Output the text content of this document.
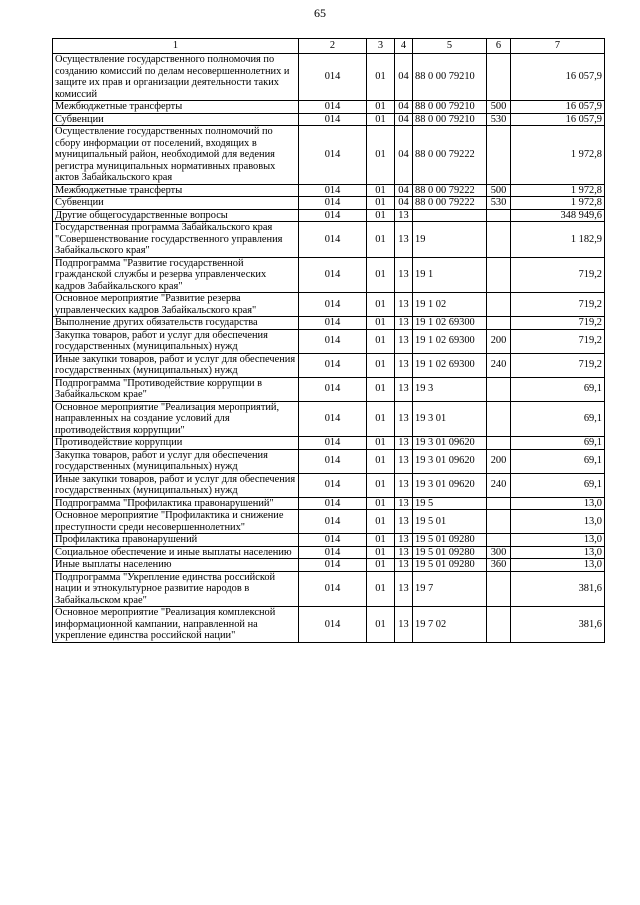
65
1	2	3	4	5	6	7
Осуществление государственного полномочия по созданию комиссий по делам несовершеннолетних и защите их прав и организации деятельности таких комиссий	014	01	04	88 0 00 79210		16 057,9
Межбюджетные трансферты	014	01	04	88 0 00 79210	500	16 057,9
Субвенции	014	01	04	88 0 00 79210	530	16 057,9
Осуществление государственных полномочий по сбору информации от поселений, входящих в муниципальный район, необходимой для ведения регистра муниципальных нормативных правовых актов Забайкальского края	014	01	04	88 0 00 79222		1 972,8
Межбюджетные трансферты	014	01	04	88 0 00 79222	500	1 972,8
Субвенции	014	01	04	88 0 00 79222	530	1 972,8
Другие общегосударственные вопросы	014	01	13			348 949,6
Государственная программа Забайкальского края "Совершенствование государственного управления Забайкальского края"	014	01	13	19		1 182,9
Подпрограмма "Развитие государственной гражданской службы и резерва управленческих кадров Забайкальского края"	014	01	13	19 1		719,2
Основное мероприятие "Развитие резерва управленческих кадров Забайкальского края"	014	01	13	19 1 02		719,2
Выполнение других обязательств государства	014	01	13	19 1 02 69300		719,2
Закупка товаров, работ и услуг для обеспечения государственных (муниципальных) нужд	014	01	13	19 1 02 69300	200	719,2
Иные закупки товаров, работ и услуг для обеспечения государственных (муниципальных) нужд	014	01	13	19 1 02 69300	240	719,2
Подпрограмма "Противодействие коррупции в Забайкальском крае"	014	01	13	19 3		69,1
Основное мероприятие "Реализация мероприятий, направленных на создание условий для противодействия коррупции"	014	01	13	19 3 01		69,1
Противодействие коррупции	014	01	13	19 3 01 09620		69,1
Закупка товаров, работ и услуг для обеспечения государственных (муниципальных) нужд	014	01	13	19 3 01 09620	200	69,1
Иные закупки товаров, работ и услуг для обеспечения государственных (муниципальных) нужд	014	01	13	19 3 01 09620	240	69,1
Подпрограмма "Профилактика правонарушений"	014	01	13	19 5		13,0
Основное мероприятие "Профилактика и снижение преступности среди несовершеннолетних"	014	01	13	19 5 01		13,0
Профилактика правонарушений	014	01	13	19 5 01 09280		13,0
Социальное обеспечение и иные выплаты населению	014	01	13	19 5 01 09280	300	13,0
Иные выплаты населению	014	01	13	19 5 01 09280	360	13,0
Подпрограмма "Укрепление единства российской нации и этнокультурное развитие народов в Забайкальском крае"	014	01	13	19 7		381,6
Основное мероприятие "Реализация комплексной информационной кампании, направленной на укрепление единства российской нации"	014	01	13	19 7 02		381,6
